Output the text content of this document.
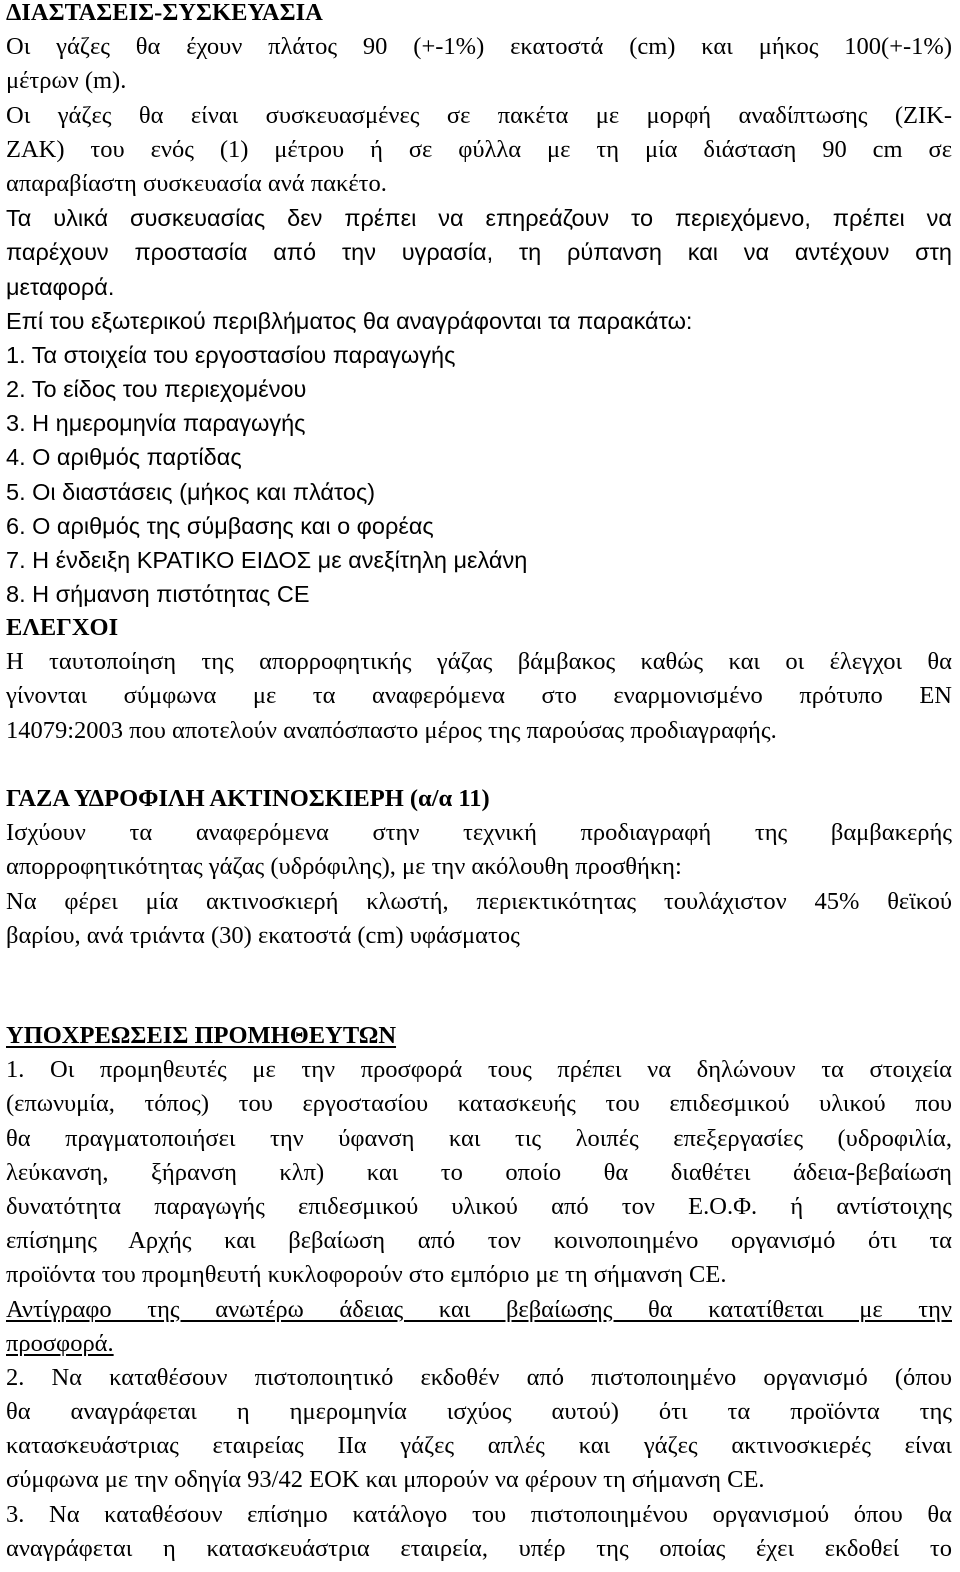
ΔΙΑΣΤΑΣΕΙΣ-ΣΥΣΚΕΥΑΣΙΑ
Οι γάζες θα έχουν πλάτος 90 (+-1%) εκατοστά (cm) και μήκος 100(+-1%)
μέτρων (m).
Οι γάζες θα είναι συσκευασμένες σε πακέτα με μορφή αναδίπτωσης (ΖΙΚ-
ΖΑΚ) του ενός (1) μέτρου ή σε φύλλα με τη μία διάσταση 90 cm σε
απαραβίαστη συσκευασία ανά πακέτο.
Τα υλικά συσκευασίας δεν πρέπει να επηρεάζουν το περιεχόμενο, πρέπει να
παρέχουν προστασία από την υγρασία, τη ρύπανση και να αντέχουν στη
μεταφορά.
Επί του εξωτερικού περιβλήματος θα αναγράφονται τα παρακάτω:
1. Τα στοιχεία του εργοστασίου παραγωγής
2. Το είδος του περιεχομένου
3. Η ημερομηνία παραγωγής
4. Ο αριθμός παρτίδας
5. Οι διαστάσεις (μήκος και πλάτος)
6. Ο αριθμός της σύμβασης και ο φορέας
7. Η ένδειξη ΚΡΑΤΙΚΟ ΕΙΔΟΣ με ανεξίτηλη μελάνη
8. Η σήμανση πιστότητας CE
ΕΛΕΓΧΟΙ
Η ταυτοποίηση της απορροφητικής γάζας βάμβακος καθώς και οι έλεγχοι θα
γίνονται σύμφωνα με τα αναφερόμενα στο εναρμονισμένο πρότυπο ΕΝ
14079:2003 που αποτελούν αναπόσπαστο μέρος της παρούσας προδιαγραφής.
ΓΑΖΑ ΥΔΡΟΦΙΛΗ ΑΚΤΙΝΟΣΚΙΕΡΗ (α/α 11)
Ισχύουν τα αναφερόμενα στην τεχνική προδιαγραφή της βαμβακερής
απορροφητικότητας γάζας (υδρόφιλης), με την ακόλουθη προσθήκη:
Να φέρει μία ακτινοσκιερή κλωστή, περιεκτικότητας τουλάχιστον 45% θεϊκού
βαρίου, ανά τριάντα (30) εκατοστά (cm) υφάσματος
ΥΠΟΧΡΕΩΣΕΙΣ ΠΡΟΜΗΘΕΥΤΩΝ
1. Οι προμηθευτές με την προσφορά τους πρέπει να δηλώνουν τα στοιχεία
(επωνυμία, τόπος) του εργοστασίου κατασκευής του επιδεσμικού υλικού που
θα πραγματοποιήσει την ύφανση και τις λοιπές επεξεργασίες (υδροφιλία,
λεύκανση, ξήρανση κλπ) και το οποίο θα διαθέτει άδεια-βεβαίωση
δυνατότητα παραγωγής επιδεσμικού υλικού από τον Ε.Ο.Φ. ή αντίστοιχης
επίσημης Αρχής και βεβαίωση από τον κοινοποιημένο οργανισμό ότι τα
προϊόντα του προμηθευτή κυκλοφορούν στο εμπόριο με τη σήμανση CE.
Αντίγραφο της ανωτέρω άδειας και βεβαίωσης θα κατατίθεται με την
προσφορά.
2. Να καταθέσουν πιστοποιητικό εκδοθέν από πιστοποιημένο οργανισμό (όπου
θα αναγράφεται η ημερομηνία ισχύος αυτού) ότι τα προϊόντα της
κατασκευάστριας εταιρείας ΙΙα γάζες απλές και γάζες ακτινοσκιερές είναι
σύμφωνα με την οδηγία 93/42 ΕΟΚ και μπορούν να φέρουν τη σήμανση CE.
3. Να καταθέσουν επίσημο κατάλογο του πιστοποιημένου οργανισμού όπου θα
αναγράφεται η κατασκευάστρια εταιρεία, υπέρ της οποίας έχει εκδοθεί το
